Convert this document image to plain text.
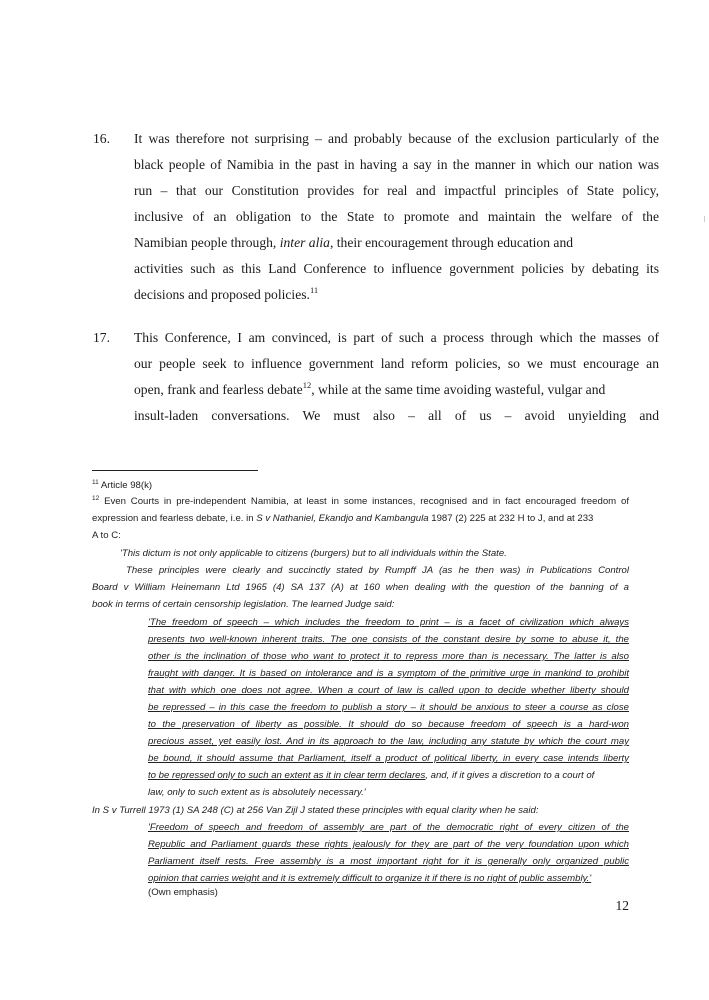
16. It was therefore not surprising – and probably because of the exclusion particularly of the
black people of Namibia in the past in having a say in the manner in which our nation was
run – that our Constitution provides for real and impactful principles of State policy,
inclusive of an obligation to the State to promote and maintain the welfare of the
Namibian people through, inter alia, their encouragement through education and
activities such as this Land Conference to influence government policies by debating its
decisions and proposed policies.$^{11}$
17. This Conference, I am convinced, is part of such a process through which the masses of
our people seek to influence government land reform policies, so we must encourage an
open, frank and fearless debate$^{12}$, while at the same time avoiding wasteful, vulgar and
insult-laden conversations. We must also – all of us – avoid unyielding and
$^{11}$ Article 98(k)
$^{12}$ Even Courts in pre-independent Namibia, at least in some instances, recognised and in fact encouraged freedom of
expression and fearless debate, i.e. in S v Nathaniel, Ekandjo and Kambangula 1987 (2) 225 at 232 H to J, and at 233
A to C:
'This dictum is not only applicable to citizens (burgers) but to all individuals within the State.
These principles were clearly and succinctly stated by Rumpff JA (as he then was) in Publications Control
Board v William Heinemann Ltd 1965 (4) SA 137 (A) at 160 when dealing with the question of the banning of a
book in terms of certain censorship legislation. The learned Judge said:
'The freedom of speech – which includes the freedom to print – is a facet of civilization which always
presents two well-known inherent traits. The one consists of the constant desire by some to abuse it, the
other is the inclination of those who want to protect it to repress more than is necessary. The latter is also
fraught with danger. It is based on intolerance and is a symptom of the primitive urge in mankind to prohibit
that with which one does not agree. When a court of law is called upon to decide whether liberty should
be repressed – in this case the freedom to publish a story – it should be anxious to steer a course as close
to the preservation of liberty as possible. It should do so because freedom of speech is a hard-won
precious asset, yet easily lost. And in its approach to the law, including any statute by which the court may
be bound, it should assume that Parliament, itself a product of political liberty, in every case intends liberty
to be repressed only to such an extent as it in clear term declares, and, if it gives a discretion to a court of
law, only to such extent as is absolutely necessary.'
In S v Turrell 1973 (1) SA 248 (C) at 256 Van Zijl J stated these principles with equal clarity when he said:
'Freedom of speech and freedom of assembly are part of the democratic right of every citizen of the
Republic and Parliament guards these rights jealously for they are part of the very foundation upon which
Parliament itself rests. Free assembly is a most important right for it is generally only organized public
opinion that carries weight and it is extremely difficult to organize it if there is no right of public assembly.'
(Own emphasis)
12
